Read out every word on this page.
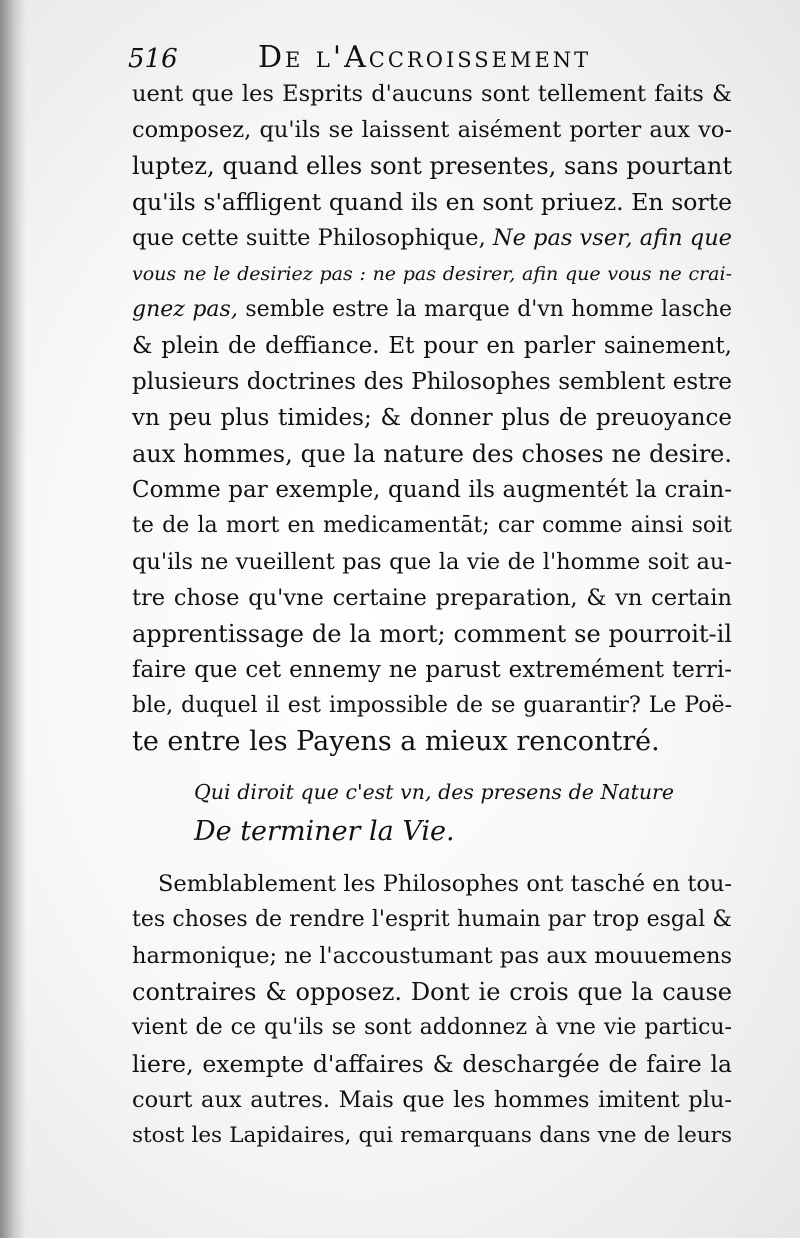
516	De l'Accroissement
uent que les Esprits d'aucuns sont tellement faits &
composez, qu'ils se laissent aisément porter aux vo-
luptez, quand elles sont presentes, sans pourtant
qu'ils s'affligent quand ils en sont priuez. En sorte
que cette suitte Philosophique, Ne pas vser, afin que
vous ne le desiriez pas : ne pas desirer, afin que vous ne crai-
gnez pas, semble estre la marque d'vn homme lasche
& plein de deffiance. Et pour en parler sainement,
plusieurs doctrines des Philosophes semblent estre
vn peu plus timides; & donner plus de preuoyance
aux hommes, que la nature des choses ne desire.
Comme par exemple, quand ils augmentét la crain-
te de la mort en medicamentāt; car comme ainsi soit
qu'ils ne vueillent pas que la vie de l'homme soit au-
tre chose qu'vne certaine preparation, & vn certain
apprentissage de la mort; comment se pourroit-il
faire que cet ennemy ne parust extremément terri-
ble, duquel il est impossible de se guarantir? Le Poë-
te entre les Payens a mieux rencontré.
Qui diroit que c'est vn, des presens de Nature
De terminer la Vie.
Semblablement les Philosophes ont tasché en tou-
tes choses de rendre l'esprit humain par trop esgal &
harmonique; ne l'accoustumant pas aux mouuemens
contraires & opposez. Dont ie crois que la cause
vient de ce qu'ils se sont addonnez à vne vie particu-
liere, exempte d'affaires & deschargée de faire la
court aux autres. Mais que les hommes imitent plu-
stost les Lapidaires, qui remarquans dans vne de leurs
